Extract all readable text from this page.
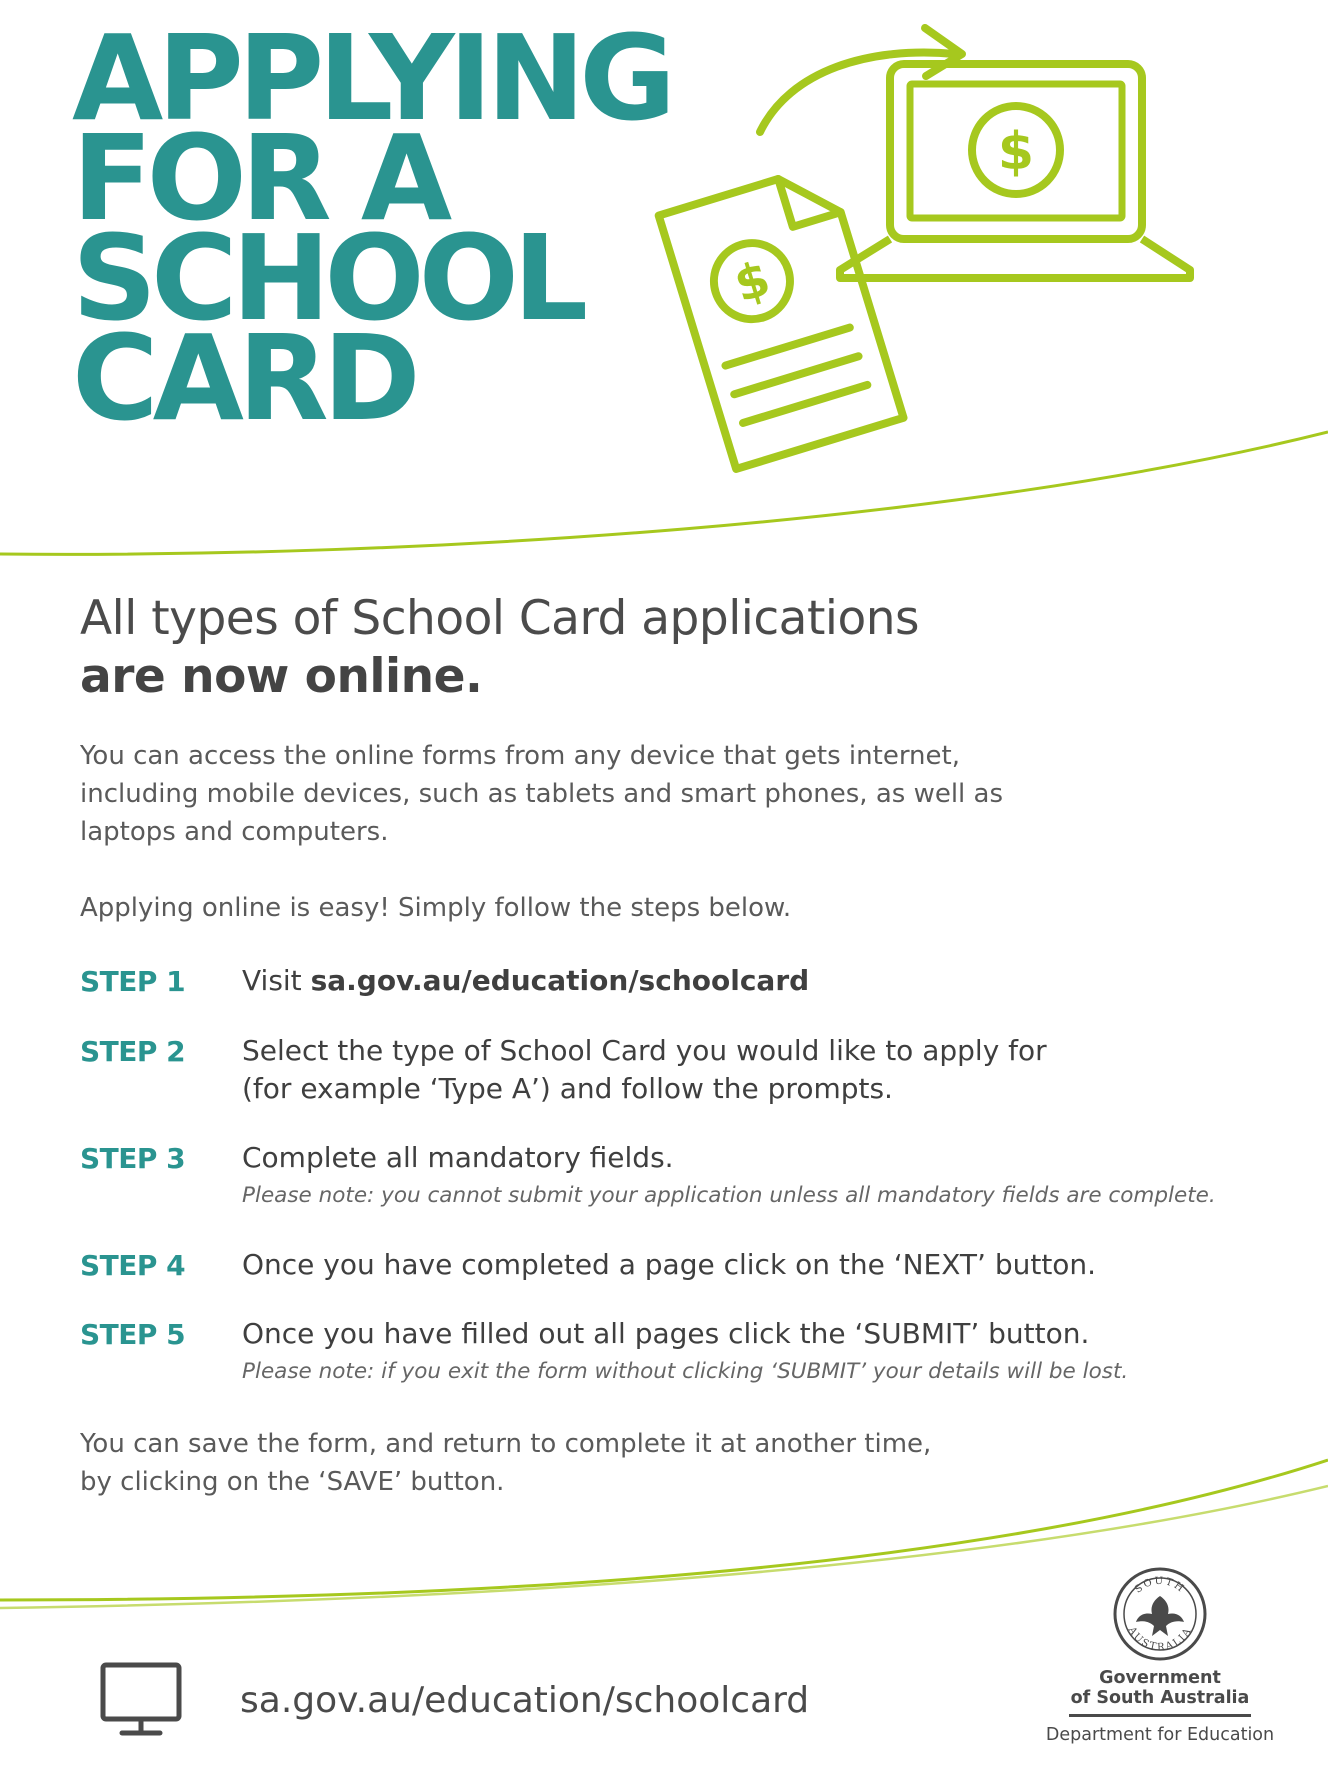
APPLYING
FOR A
SCHOOL
CARD
$
$
All types of School Card applications
are now online.

You can access the online forms from any device that gets internet,
including mobile devices, such as tablets and smart phones, as well as
laptops and computers.

Applying online is easy! Simply follow the steps below.

STEP 1 Visit sa.gov.au/education/schoolcard
STEP 2 Select the type of School Card you would like to apply for
(for example ‘Type A’) and follow the prompts.
STEP 3 Complete all mandatory fields.
Please note: you cannot submit your application unless all mandatory fields are complete.
STEP 4 Once you have completed a page click on the ‘NEXT’ button.
STEP 5 Once you have filled out all pages click the ‘SUBMIT’ button.
Please note: if you exit the form without clicking ‘SUBMIT’ your details will be lost.

You can save the form, and return to complete it at another time,
by clicking on the ‘SAVE’ button.

sa.gov.au/education/schoolcard
SOUTH
AUSTRALIA
Government
of South Australia
Department for Education
